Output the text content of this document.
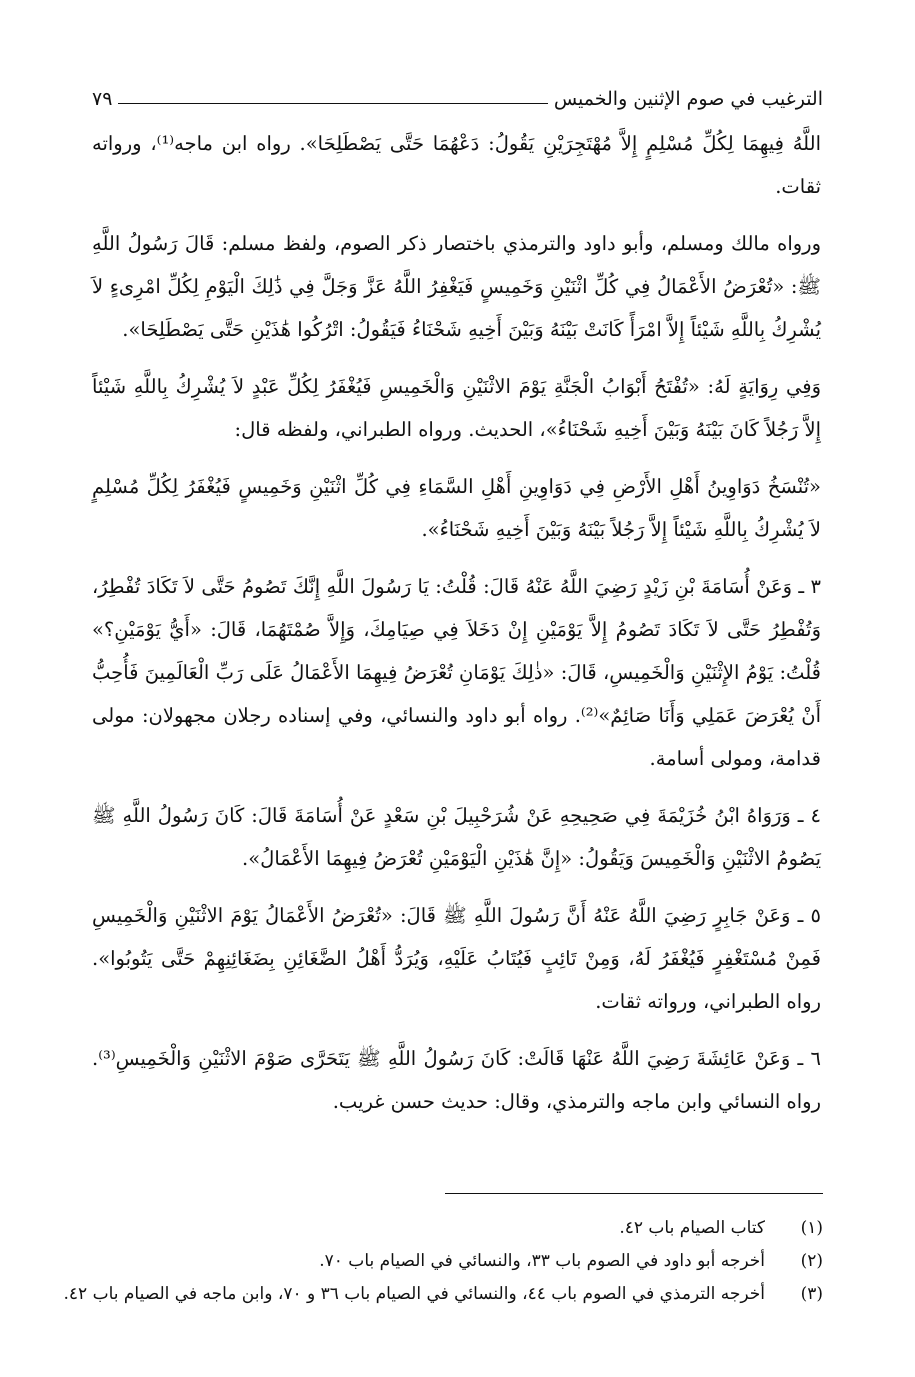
الترغيب في صوم الإثنين والخميس
٧٩

اللَّهُ فِيهِمَا لِكُلِّ مُسْلِمٍ إِلاَّ مُهْتَجِرَيْنِ يَقُولُ: دَعْهُمَا حَتَّى يَصْطَلِحَا». رواه ابن ماجه⁽¹⁾، ورواته ثقات.

ورواه مالك ومسلم، وأبو داود والترمذي باختصار ذكر الصوم، ولفظ مسلم: قَالَ رَسُولُ اللَّهِ ﷺ: «تُعْرَضُ الأَعْمَالُ فِي كُلِّ اثْنَيْنِ وَخَمِيسٍ فَيَغْفِرُ اللَّهُ عَزَّ وَجَلَّ فِي ذَٰلِكَ الْيَوْمِ لِكُلِّ امْرِىءٍ لاَ يُشْرِكُ بِاللَّهِ شَيْئاً إِلاَّ امْرَأً كَانَتْ بَيْنَهُ وَبَيْنَ أَخِيهِ شَحْنَاءُ فَيَقُولُ: اتْرُكُوا هَٰذَيْنِ حَتَّى يَصْطَلِحَا».

وَفِي رِوَايَةٍ لَهُ: «تُفْتَحُ أَبْوَابُ الْجَنَّةِ يَوْمَ الاثْنَيْنِ وَالْخَمِيسِ فَيُغْفَرُ لِكُلِّ عَبْدٍ لاَ يُشْرِكُ بِاللَّهِ شَيْئاً إِلاَّ رَجُلاً كَانَ بَيْنَهُ وَبَيْنَ أَخِيهِ شَحْنَاءُ»، الحديث. ورواه الطبراني، ولفظه قال:

«تُنْسَخُ دَوَاوِينُ أَهْلِ الأَرْضِ فِي دَوَاوِينِ أَهْلِ السَّمَاءِ فِي كُلِّ اثْنَيْنِ وَخَمِيسٍ فَيُغْفَرُ لِكُلِّ مُسْلِمٍ لاَ يُشْرِكُ بِاللَّهِ شَيْئاً إِلاَّ رَجُلاً بَيْنَهُ وَبَيْنَ أَخِيهِ شَحْنَاءُ».

٣ ـ وَعَنْ أُسَامَةَ بْنِ زَيْدٍ رَضِيَ اللَّهُ عَنْهُ قَالَ: قُلْتُ: يَا رَسُولَ اللَّهِ إِنَّكَ تَصُومُ حَتَّى لاَ تَكَادَ تُفْطِرُ، وَتُفْطِرُ حَتَّى لاَ تَكَادَ تَصُومُ إِلاَّ يَوْمَيْنِ إِنْ دَخَلاَ فِي صِيَامِكَ، وَإِلاَّ صُمْتَهُمَا، قَالَ: «أَيُّ يَوْمَيْنِ؟» قُلْتُ: يَوْمُ الإِثْنَيْنِ وَالْخَمِيسِ، قَالَ: «ذٰلِكَ يَوْمَانِ تُعْرَضُ فِيهِمَا الأَعْمَالُ عَلَى رَبِّ الْعَالَمِينَ فَأُحِبُّ أَنْ يُعْرَضَ عَمَلِي وَأَنَا صَائِمٌ»⁽²⁾. رواه أبو داود والنسائي، وفي إسناده رجلان مجهولان: مولى قدامة، ومولى أسامة.

٤ ـ وَرَوَاهُ ابْنُ خُزَيْمَةَ فِي صَحِيحِهِ عَنْ شُرَحْبِيلَ بْنِ سَعْدٍ عَنْ أُسَامَةَ قَالَ: كَانَ رَسُولُ اللَّهِ ﷺ يَصُومُ الاثْنَيْنِ وَالْخَمِيسَ وَيَقُولُ: «إِنَّ هَٰذَيْنِ الْيَوْمَيْنِ تُعْرَضُ فِيهِمَا الأَعْمَالُ».

٥ ـ وَعَنْ جَابِرٍ رَضِيَ اللَّهُ عَنْهُ أَنَّ رَسُولَ اللَّهِ ﷺ قَالَ: «تُعْرَضُ الأَعْمَالُ يَوْمَ الاثْنَيْنِ وَالْخَمِيسِ فَمِنْ مُسْتَغْفِرٍ فَيُغْفَرُ لَهُ، وَمِنْ تَائِبٍ فَيُتَابُ عَلَيْهِ، وَيُرَدُّ أَهْلُ الضَّغَائِنِ بِضَغَائِنِهِمْ حَتَّى يَتُوبُوا». رواه الطبراني، ورواته ثقات.

٦ ـ وَعَنْ عَائِشَةَ رَضِيَ اللَّهُ عَنْهَا قَالَتْ: كَانَ رَسُولُ اللَّهِ ﷺ يَتَحَرَّى صَوْمَ الاثْنَيْنِ وَالْخَمِيسِ⁽³⁾. رواه النسائي وابن ماجه والترمذي، وقال: حديث حسن غريب.

(١)
كتاب الصيام باب ٤٢.
(٢)
أخرجه أبو داود في الصوم باب ٣٣، والنسائي في الصيام باب ٧٠.
(٣)
أخرجه الترمذي في الصوم باب ٤٤، والنسائي في الصيام باب ٣٦ و ٧٠، وابن ماجه في الصيام باب ٤٢.
